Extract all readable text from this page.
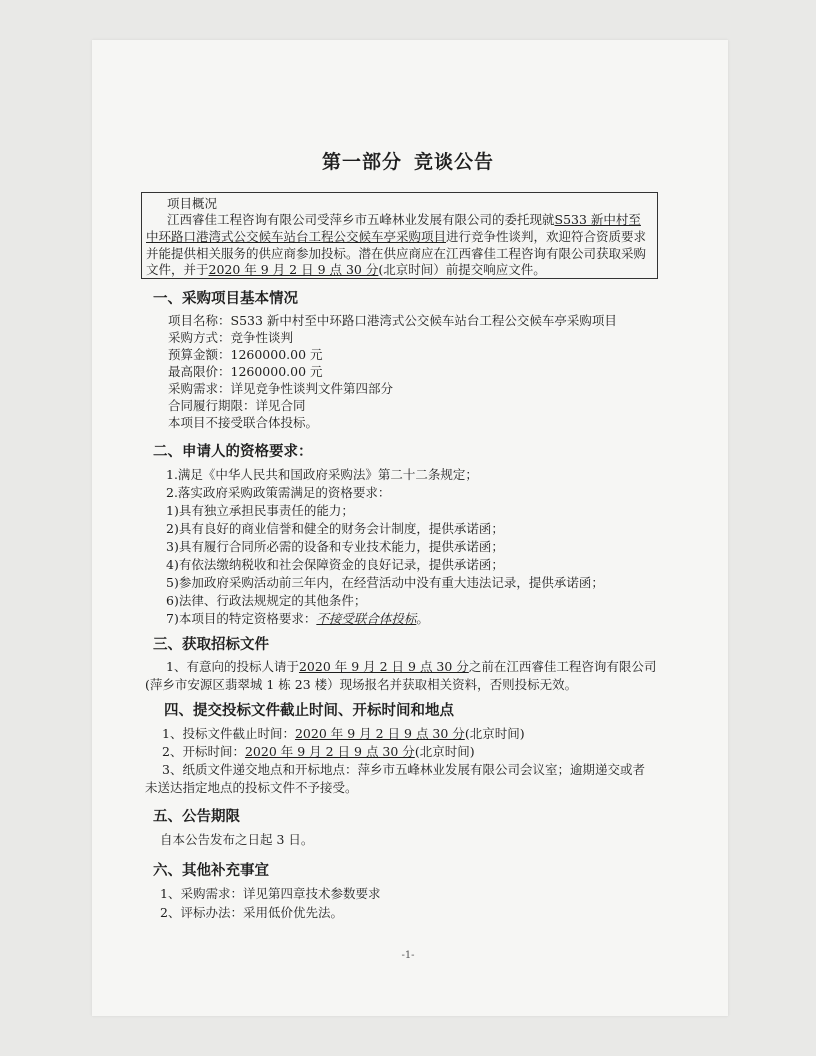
第一部分 竞谈公告
项目概况
江西睿佳工程咨询有限公司受萍乡市五峰林业发展有限公司的委托现就S533 新中村至
中环路口港湾式公交候车站台工程公交候车亭采购项目进行竞争性谈判，欢迎符合资质要求
并能提供相关服务的供应商参加投标。潜在供应商应在江西睿佳工程咨询有限公司获取采购
文件，并于2020 年 9 月 2 日 9 点 30 分(北京时间）前提交响应文件。
一、采购项目基本情况
项目名称：S533 新中村至中环路口港湾式公交候车站台工程公交候车亭采购项目
采购方式：竞争性谈判
预算金额：1260000.00 元
最高限价：1260000.00 元
采购需求：详见竞争性谈判文件第四部分
合同履行期限：详见合同
本项目不接受联合体投标。
二、申请人的资格要求：
1.满足《中华人民共和国政府采购法》第二十二条规定；
2.落实政府采购政策需满足的资格要求：
1)具有独立承担民事责任的能力；
2)具有良好的商业信誉和健全的财务会计制度，提供承诺函；
3)具有履行合同所必需的设备和专业技术能力，提供承诺函；
4)有依法缴纳税收和社会保障资金的良好记录，提供承诺函；
5)参加政府采购活动前三年内，在经营活动中没有重大违法记录，提供承诺函；
6)法律、行政法规规定的其他条件；
7)本项目的特定资格要求：不接受联合体投标。
三、获取招标文件
1、有意向的投标人请于2020 年 9 月 2 日 9 点 30 分之前在江西睿佳工程咨询有限公司
(萍乡市安源区翡翠城 1 栋 23 楼）现场报名并获取相关资料，否则投标无效。
四、提交投标文件截止时间、开标时间和地点
1、投标文件截止时间：2020 年 9 月 2 日 9 点 30 分(北京时间)
2、开标时间：2020 年 9 月 2 日 9 点 30 分(北京时间)
3、纸质文件递交地点和开标地点：萍乡市五峰林业发展有限公司会议室；逾期递交或者
未送达指定地点的投标文件不予接受。
五、公告期限
自本公告发布之日起 3 日。
六、其他补充事宜
1、采购需求：详见第四章技术参数要求
2、评标办法：采用低价优先法。
-1-
